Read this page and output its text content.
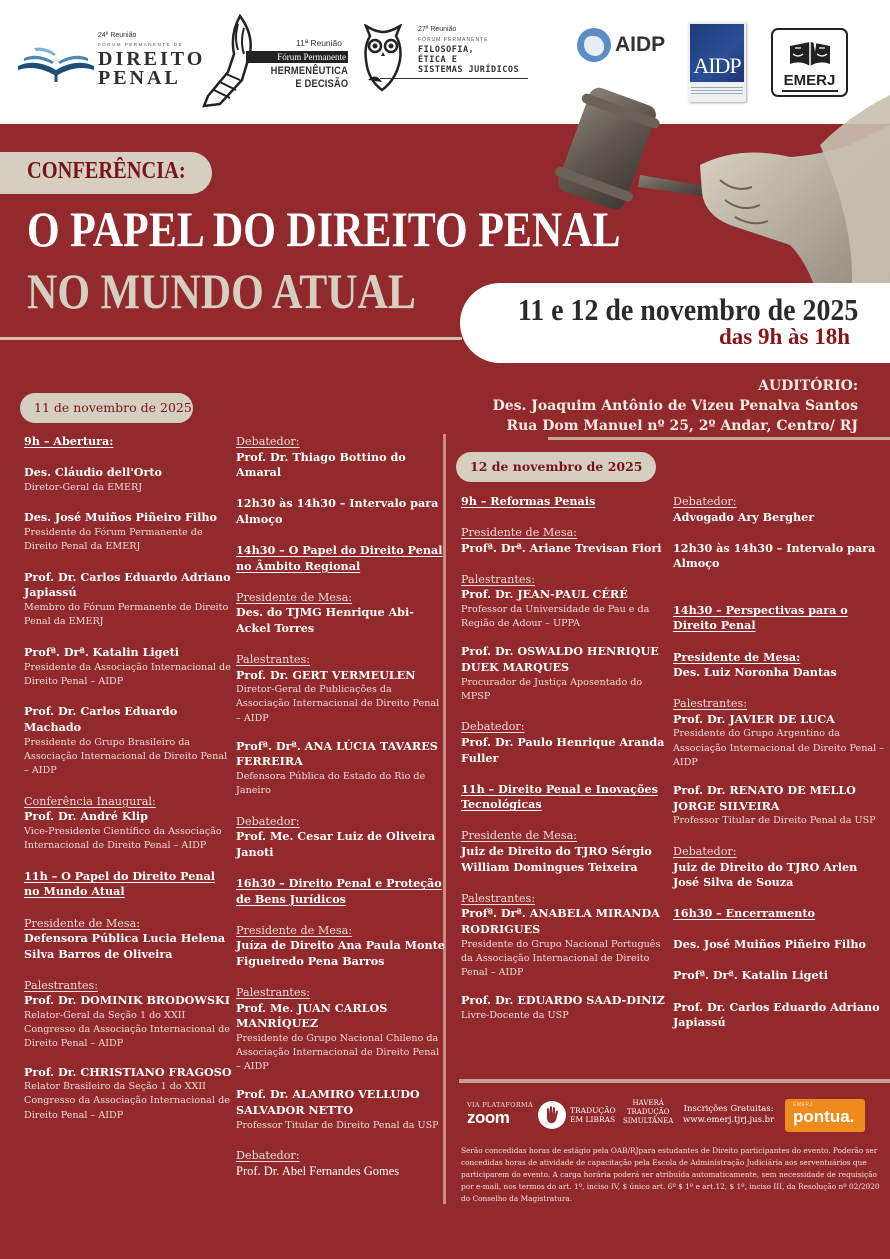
24ª Reunião
FÓRUM PERMANENTE DE
DIREITO
PENAL
11ª Reunião
Fórum Permanente
HERMENÊUTICA
E DECISÃO
27ª Reunião
FÓRUM PERMANENTE
FILOSOFIA,
ÉTICA E
SISTEMAS JURÍDICOS
AIDP
AIDP
EMERJ
CONFERÊNCIA:
O PAPEL DO DIREITO PENAL
NO MUNDO ATUAL	11 e 12 de novembro de 2025
das 9h às 18h
AUDITÓRIO:
Des. Joaquim Antônio de Vizeu Penalva Santos
Rua Dom Manuel nº 25, 2º Andar, Centro/ RJ
11 de novembro de 2025
12 de novembro de 2025
9h – Abertura:
Des. Cláudio dell'Orto
Diretor-Geral da EMERJ
Des. José Muiños Piñeiro Filho
Presidente do Fórum Permanente de Direito Penal da EMERJ
Prof. Dr. Carlos Eduardo Adriano Japiassú
Membro do Fórum Permanente de Direito Penal da EMERJ
Profª. Drª. Katalin Ligeti
Presidente da Associação Internacional de Direito Penal – AIDP
Prof. Dr. Carlos Eduardo Machado
Presidente do Grupo Brasileiro da Associação Internacional de Direito Penal – AIDP
Conferência Inaugural:
Prof. Dr. André Klip
Vice-Presidente Científico da Associação Internacional de Direito Penal – AIDP
11h – O Papel do Direito Penal no Mundo Atual
Presidente de Mesa:
Defensora Pública Lucia Helena Silva Barros de Oliveira
Palestrantes:
Prof. Dr. DOMINIK BRODOWSKI
Relator-Geral da Seção 1 do XXII Congresso da Associação Internacional de Direito Penal – AIDP
Prof. Dr. CHRISTIANO FRAGOSO
Relator Brasileiro da Seção 1 do XXII Congresso da Associação Internacional de Direito Penal – AIDP
Debatedor:
Prof. Dr. Thiago Bottino do Amaral
12h30 às 14h30 – Intervalo para Almoço
14h30 – O Papel do Direito Penal no Âmbito Regional
Presidente de Mesa:
Des. do TJMG Henrique Abi-Ackel Torres
Palestrantes:
Prof. Dr. GERT VERMEULEN
Diretor-Geral de Publicações da Associação Internacional de Direito Penal – AIDP
Profª. Drª. ANA LÚCIA TAVARES FERREIRA
Defensora Pública do Estado do Rio de Janeiro
Debatedor:
Prof. Me. Cesar Luiz de Oliveira Janoti
16h30 – Direito Penal e Proteção de Bens Jurídicos
Presidente de Mesa:
Juíza de Direito Ana Paula Monte Figueiredo Pena Barros
Palestrantes:
Prof. Me. JUAN CARLOS MANRÍQUEZ
Presidente do Grupo Nacional Chileno da Associação Internacional de Direito Penal – AIDP
Prof. Dr. ALAMIRO VELLUDO SALVADOR NETTO
Professor Titular de Direito Penal da USP
Debatedor:
Prof. Dr. Abel Fernandes Gomes
9h – Reformas Penais
Presidente de Mesa:
Profª. Drª. Ariane Trevisan Fiori
Palestrantes:
Prof. Dr. JEAN-PAUL CÉRÉ
Professor da Universidade de Pau e da Região de Adour – UPPA
Prof. Dr. OSWALDO HENRIQUE DUEK MARQUES
Procurador de Justiça Aposentado do MPSP
Debatedor:
Prof. Dr. Paulo Henrique Aranda Fuller
11h – Direito Penal e Inovações Tecnológicas
Presidente de Mesa:
Juiz de Direito do TJRO Sérgio William Domingues Teixeira
Palestrantes:
Profª. Drª. ANABELA MIRANDA RODRIGUES
Presidente do Grupo Nacional Português da Associação Internacional de Direito Penal – AIDP
Prof. Dr. EDUARDO SAAD-DINIZ
Livre-Docente da USP
Debatedor:
Advogado Ary Bergher
12h30 às 14h30 – Intervalo para Almoço
14h30 – Perspectivas para o Direito Penal
Presidente de Mesa:
Des. Luiz Noronha Dantas
Palestrantes:
Prof. Dr. JAVIER DE LUCA
Presidente do Grupo Argentino da Associação Internacional de Direito Penal – AIDP
Prof. Dr. RENATO DE MELLO JORGE SILVEIRA
Professor Titular de Direito Penal da USP
Debatedor:
Juiz de Direito do TJRO Arlen José Silva de Souza
16h30 – Encerramento
Des. José Muiños Piñeiro Filho
Profª. Drª. Katalin Ligeti
Prof. Dr. Carlos Eduardo Adriano Japiassú
VIA PLATAFORMA
zoom	TRADUÇÃO
EM LIBRAS
HAVERÁ
TRADUÇÃO
SIMULTÂNEA
Inscrições Gratuitas:
www.emerj.tjrj.jus.br
EMERJ
pontua.
Serão concedidas horas de estágio pela OAB/RJpara estudantes de Direito participantes do evento. Poderão ser concedidas horas de atividade de capacitação pela Escola de Administração Judiciária aos serventuários que participarem do evento. A carga horária poderá ser atribuída automaticamente, sem necessidade de requisição por e-mail, nos termos do art. 1º, inciso IV, $ único art. 6º $ 1º e art.12, $ 1º, inciso III, da Resolução nº 02/2020 do Conselho da Magistratura.
